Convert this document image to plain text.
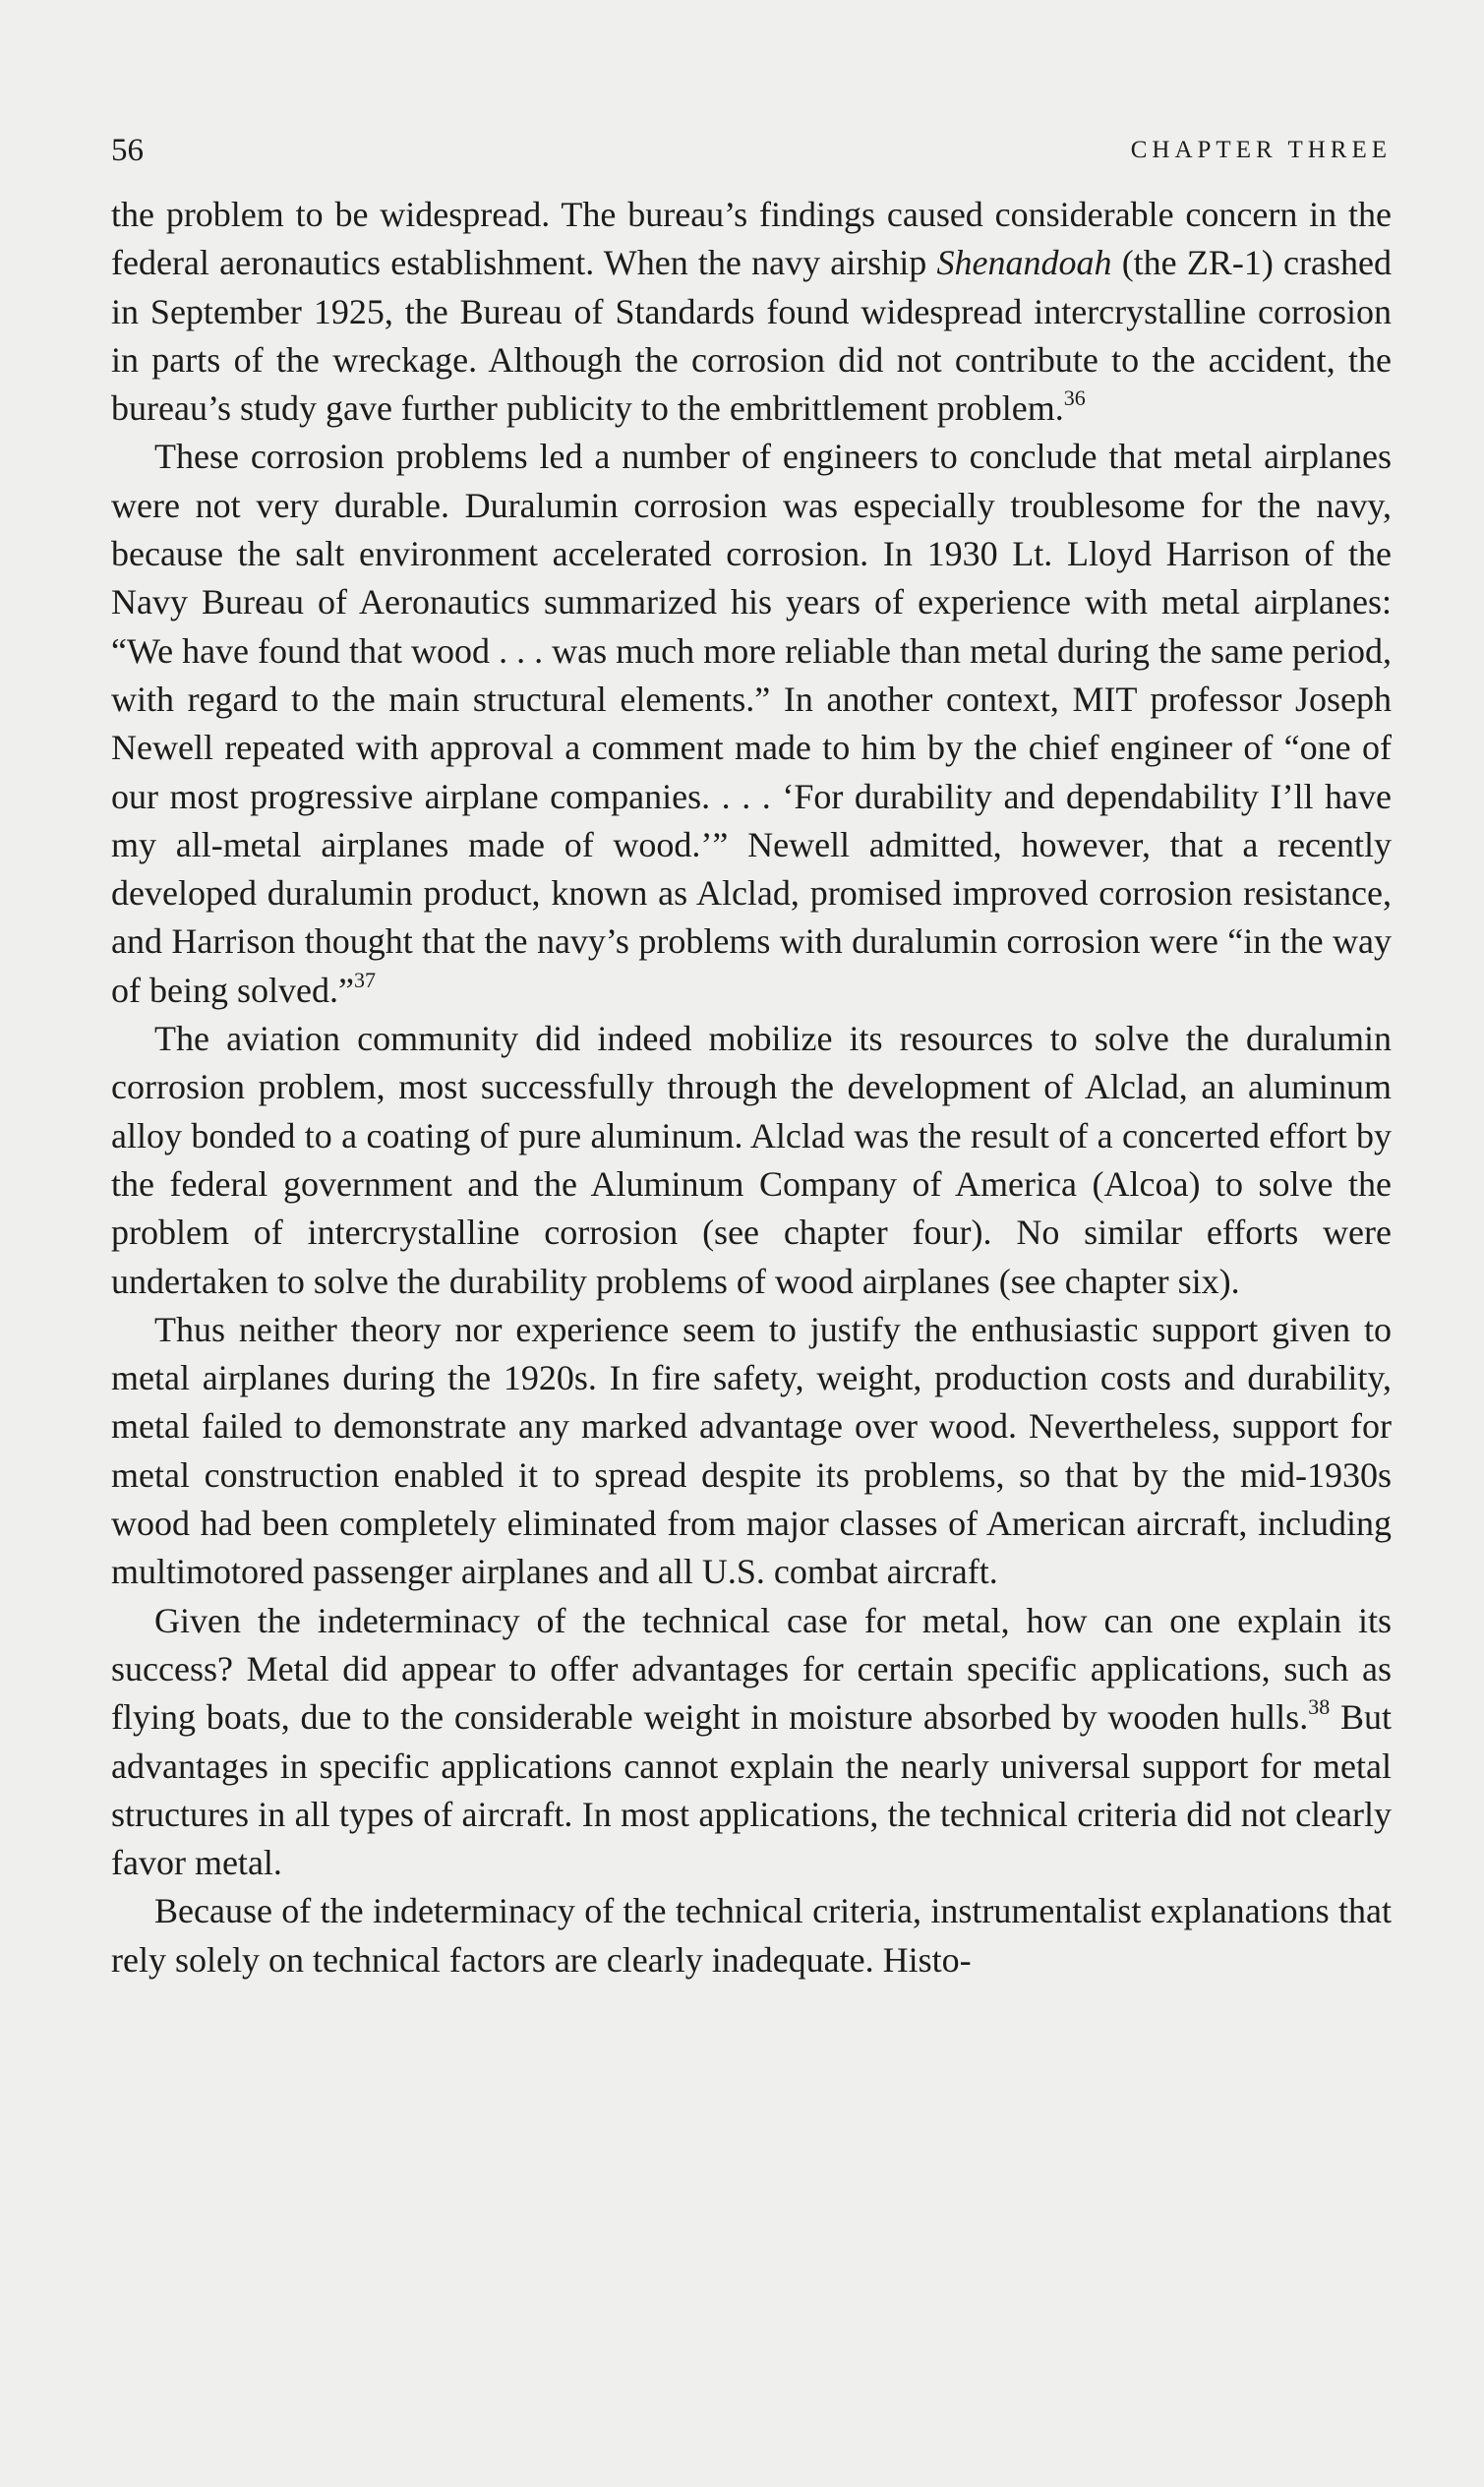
56	CHAPTER THREE

the problem to be widespread. The bureau’s findings caused considerable concern in the federal aeronautics establishment. When the navy airship Shenandoah (the ZR-1) crashed in September 1925, the Bureau of Standards found widespread intercrystalline corrosion in parts of the wreckage. Although the corrosion did not contribute to the accident, the bureau’s study gave further publicity to the embrittlement problem.$^{36}$

These corrosion problems led a number of engineers to conclude that metal airplanes were not very durable. Duralumin corrosion was especially troublesome for the navy, because the salt environment accelerated corrosion. In 1930 Lt. Lloyd Harrison of the Navy Bureau of Aeronautics summarized his years of experience with metal airplanes: “We have found that wood . . . was much more reliable than metal during the same period, with regard to the main structural elements.” In another context, MIT professor Joseph Newell repeated with approval a comment made to him by the chief engineer of “one of our most progressive airplane companies. . . . ‘For durability and dependability I’ll have my all-metal airplanes made of wood.’” Newell admitted, however, that a recently developed duralumin product, known as Alclad, promised improved corrosion resistance, and Harrison thought that the navy’s problems with duralumin corrosion were “in the way of being solved.”$^{37}$

The aviation community did indeed mobilize its resources to solve the duralumin corrosion problem, most successfully through the development of Alclad, an aluminum alloy bonded to a coating of pure aluminum. Alclad was the result of a concerted effort by the federal government and the Aluminum Company of America (Alcoa) to solve the problem of intercrystalline corrosion (see chapter four). No similar efforts were undertaken to solve the durability problems of wood airplanes (see chapter six).

Thus neither theory nor experience seem to justify the enthusiastic support given to metal airplanes during the 1920s. In fire safety, weight, production costs and durability, metal failed to demonstrate any marked advantage over wood. Nevertheless, support for metal construction enabled it to spread despite its problems, so that by the mid-1930s wood had been completely eliminated from major classes of American aircraft, including multimotored passenger airplanes and all U.S. combat aircraft.

Given the indeterminacy of the technical case for metal, how can one explain its success? Metal did appear to offer advantages for certain specific applications, such as flying boats, due to the considerable weight in moisture absorbed by wooden hulls.$^{38}$ But advantages in specific applications cannot explain the nearly universal support for metal structures in all types of aircraft. In most applications, the technical criteria did not clearly favor metal.

Because of the indeterminacy of the technical criteria, instrumentalist explanations that rely solely on technical factors are clearly inadequate. Histo-
